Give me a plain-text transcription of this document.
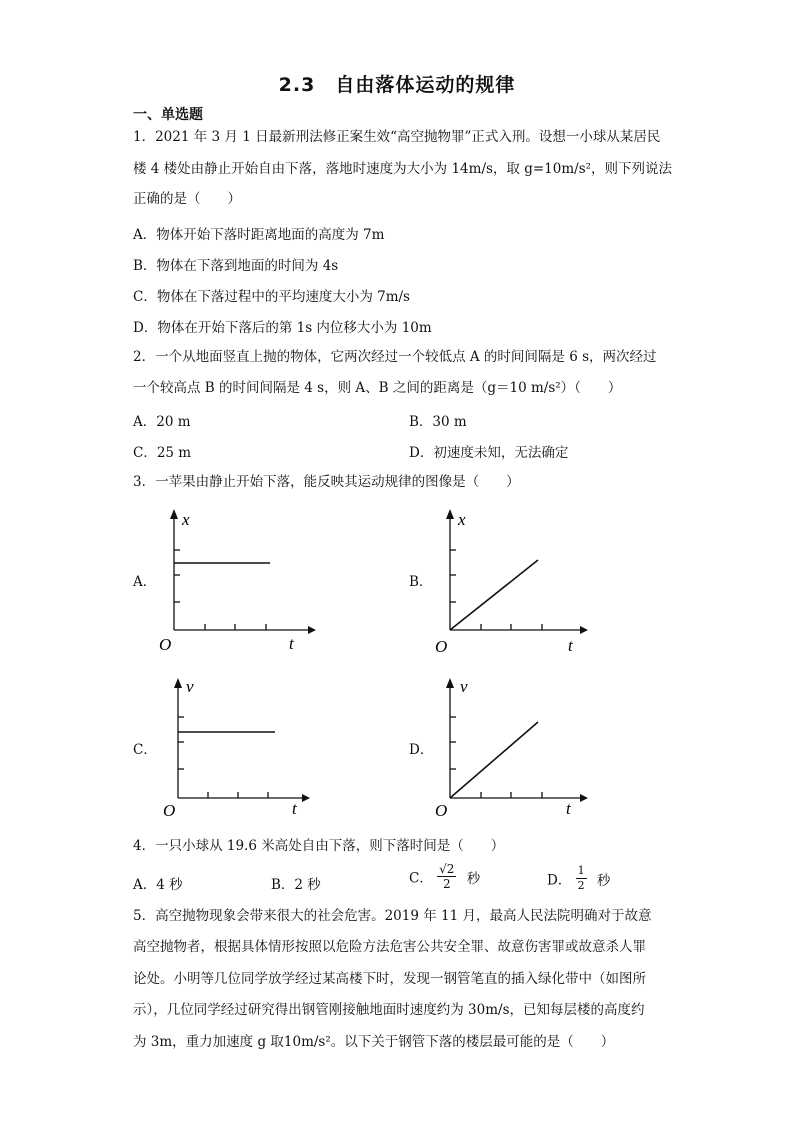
2.3　自由落体运动的规律
一、单选题
1．2021 年 3 月 1 日最新刑法修正案生效“高空抛物罪”正式入刑。设想一小球从某居民
楼 4 楼处由静止开始自由下落，落地时速度为大小为 14m/s，取 g=10m/s²，则下列说法
正确的是（　　）
A．物体开始下落时距离地面的高度为 7m
B．物体在下落到地面的时间为 4s
C．物体在下落过程中的平均速度大小为 7m/s
D．物体在开始下落后的第 1s 内位移大小为 10m
2．一个从地面竖直上抛的物体，它两次经过一个较低点 A 的时间间隔是 6 s，两次经过
一个较高点 B 的时间间隔是 4 s，则 A、B 之间的距离是（g＝10 m/s²）（　　）
A．20 m	B．30 m
C．25 m	D．初速度未知，无法确定
3．一苹果由静止开始下落，能反映其运动规律的图像是（　　）
A．
x
t
O
B．
x
t
O
C．
v
t
O
D．
v
t
O
4．一只小球从 19.6 米高处自由下落，则下落时间是（　　）
A．4 秒	B．2 秒	C． $\frac{√2}{2}$ 秒	D． $\frac{1}{2}$ 秒
5．高空抛物现象会带来很大的社会危害。2019 年 11 月，最高人民法院明确对于故意
高空抛物者，根据具体情形按照以危险方法危害公共安全罪、故意伤害罪或故意杀人罪
论处。小明等几位同学放学经过某高楼下时，发现一钢管笔直的插入绿化带中（如图所
示），几位同学经过研究得出钢管刚接触地面时速度约为 30m/s，已知每层楼的高度约
为 3m，重力加速度 g 取10m/s²。以下关于钢管下落的楼层最可能的是（　　）
